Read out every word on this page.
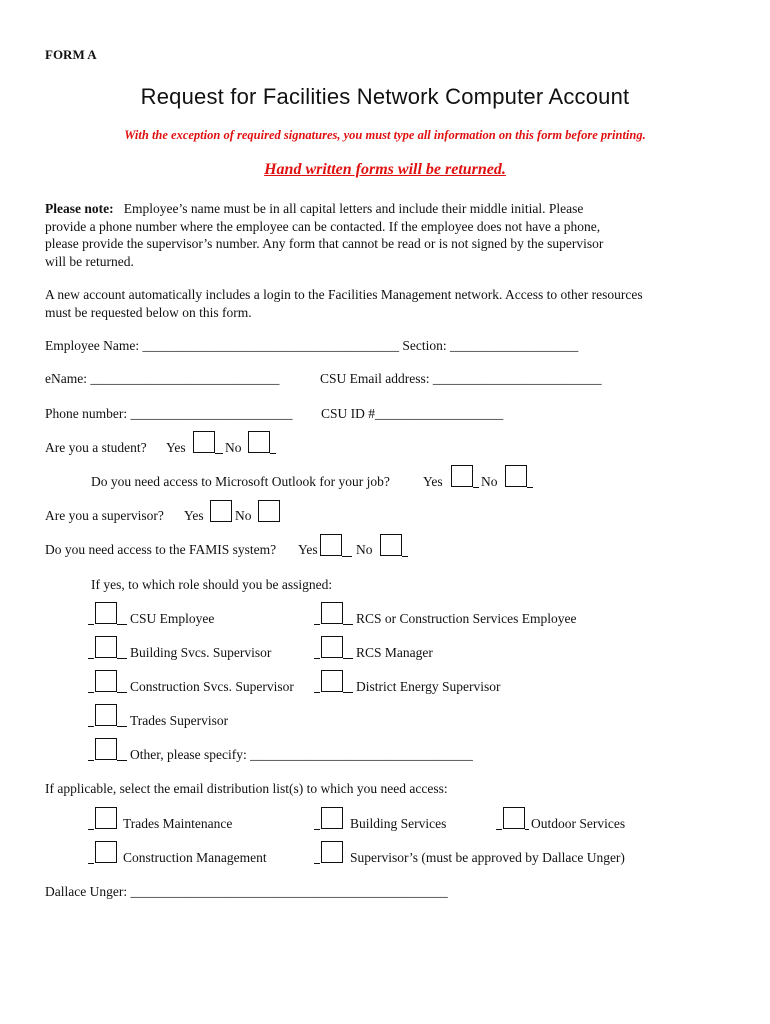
FORM A
Request for Facilities Network Computer Account
With the exception of required signatures, you must type all information on this form before printing.
Hand written forms will be returned.
Please note: Employee’s name must be in all capital letters and include their middle initial. Please
provide a phone number where the employee can be contacted. If the employee does not have a phone,
please provide the supervisor’s number. Any form that cannot be read or is not signed by the supervisor
will be returned.
A new account automatically includes a login to the Facilities Management network. Access to other resources
must be requested below on this form.
Employee Name: ______________________________________ Section: ___________________
eName: ____________________________	CSU Email address: _________________________
Phone number: ________________________ CSU ID #___________________
Are you a student? Yes	No
Do you need access to Microsoft Outlook for your job? Yes	No
Are you a supervisor? Yes No
Do you need access to the FAMIS system? Yes	No
If yes, to which role should you be assigned:
CSU Employee	RCS or Construction Services Employee
Building Svcs. Supervisor	RCS Manager
Construction Svcs. Supervisor	District Energy Supervisor
Trades Supervisor
Other, please specify: _________________________________
If applicable, select the email distribution list(s) to which you need access:
Trades Maintenance	Building Services	Outdoor Services
Construction Management	Supervisor’s (must be approved by Dallace Unger)
Dallace Unger: _______________________________________________
